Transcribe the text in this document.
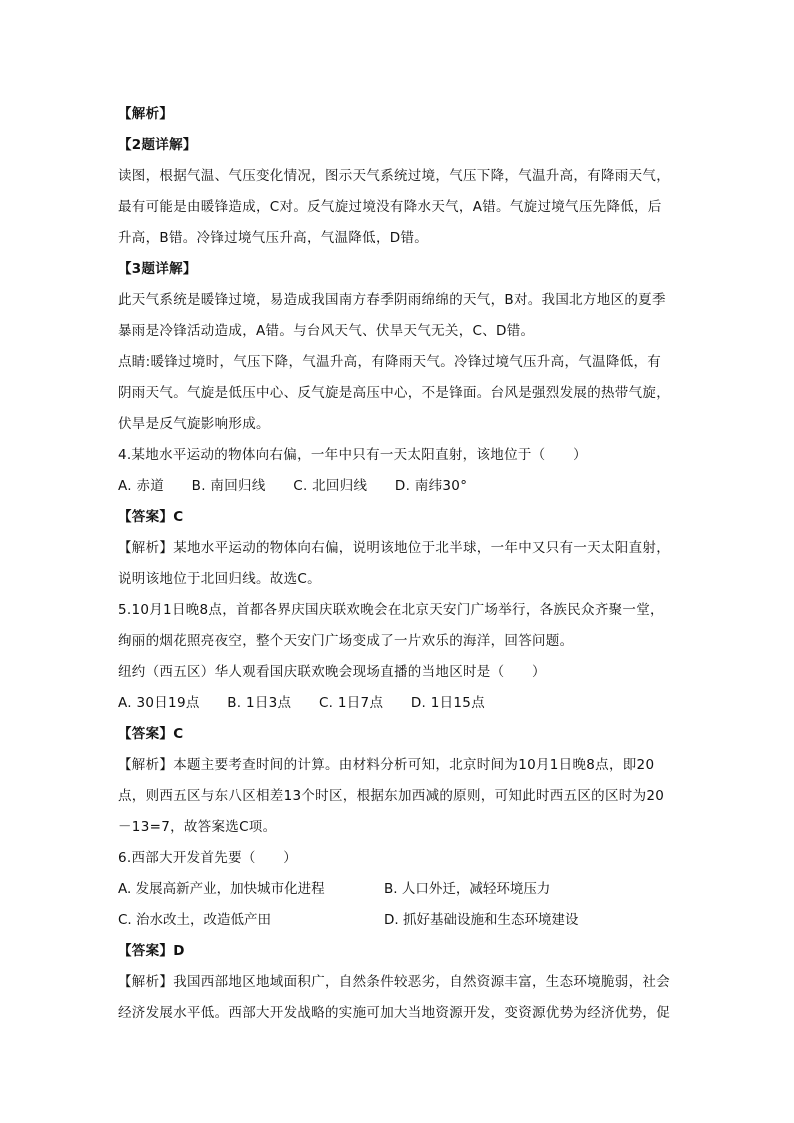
【解析】
【2题详解】
读图，根据气温、气压变化情况，图示天气系统过境，气压下降，气温升高，有降雨天气，
最有可能是由暖锋造成，C对。反气旋过境没有降水天气，A错。气旋过境气压先降低，后
升高，B错。冷锋过境气压升高，气温降低，D错。
【3题详解】
此天气系统是暖锋过境，易造成我国南方春季阴雨绵绵的天气，B对。我国北方地区的夏季
暴雨是冷锋活动造成，A错。与台风天气、伏旱天气无关，C、D错。
点睛:暖锋过境时，气压下降，气温升高，有降雨天气。冷锋过境气压升高，气温降低，有
阴雨天气。气旋是低压中心、反气旋是高压中心，不是锋面。台风是强烈发展的热带气旋，
伏旱是反气旋影响形成。
4.某地水平运动的物体向右偏，一年中只有一天太阳直射，该地位于（　　）
A. 赤道　　B. 南回归线　　C. 北回归线　　D. 南纬30°
【答案】C
【解析】某地水平运动的物体向右偏，说明该地位于北半球，一年中又只有一天太阳直射，
说明该地位于北回归线。故选C。
5.10月1日晚8点，首都各界庆国庆联欢晚会在北京天安门广场举行，各族民众齐聚一堂，
绚丽的烟花照亮夜空，整个天安门广场变成了一片欢乐的海洋，回答问题。
纽约（西五区）华人观看国庆联欢晚会现场直播的当地区时是（　　）
A. 30日19点　　B. 1日3点　　C. 1日7点　　D. 1日15点
【答案】C
【解析】本题主要考查时间的计算。由材料分析可知，北京时间为10月1日晚8点，即20
点，则西五区与东八区相差13个时区，根据东加西减的原则，可知此时西五区的区时为20
－13=7，故答案选C项。
6.西部大开发首先要（　　）
A. 发展高新产业，加快城市化进程	B. 人口外迁，减轻环境压力
C. 治水改土，改造低产田	D. 抓好基础设施和生态环境建设
【答案】D
【解析】我国西部地区地域面积广，自然条件较恶劣，自然资源丰富，生态环境脆弱，社会
经济发展水平低。西部大开发战略的实施可加大当地资源开发，变资源优势为经济优势，促
